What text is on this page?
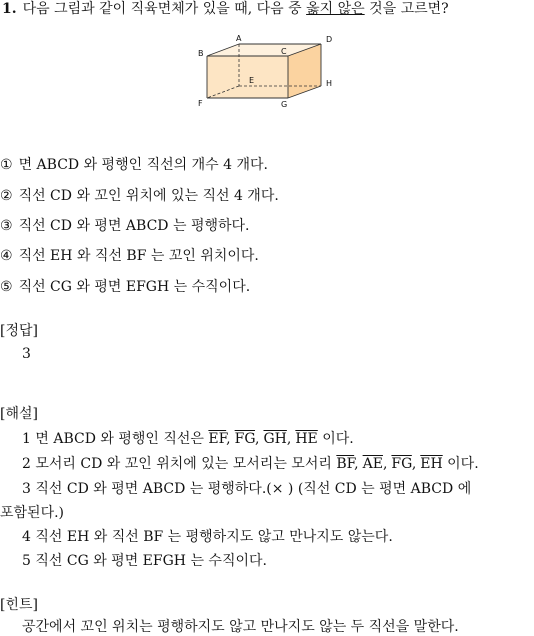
1. 다음 그림과 같이 직육면체가 있을 때, 다음 중 옳지 않은 것을 고르면?
A
B	C
D
E
F	G
H
① 면 ABCD 와 평행인 직선의 개수 4 개다.
② 직선 CD 와 꼬인 위치에 있는 직선 4 개다.
③ 직선 CD 와 평면 ABCD 는 평행하다.
④ 직선 EH 와 직선 BF 는 꼬인 위치이다.
⑤ 직선 CG 와 평면 EFGH 는 수직이다.
[정답]
3
[해설]
1 면 ABCD 와 평행인 직선은 $\overline{EF}$, $\overline{FG}$, $\overline{GH}$, $\overline{HE}$ 이다.
2 모서리 CD 와 꼬인 위치에 있는 모서리는 모서리 $\overline{BF}$, $\overline{AE}$, $\overline{FG}$, $\overline{EH}$ 이다.
3 직선 CD 와 평면 ABCD 는 평행하다.(× ) (직선 CD 는 평면 ABCD 에
포함된다.)
4 직선 EH 와 직선 BF 는 평행하지도 않고 만나지도 않는다.
5 직선 CG 와 평면 EFGH 는 수직이다.
[힌트]
공간에서 꼬인 위치는 평행하지도 않고 만나지도 않는 두 직선을 말한다.
